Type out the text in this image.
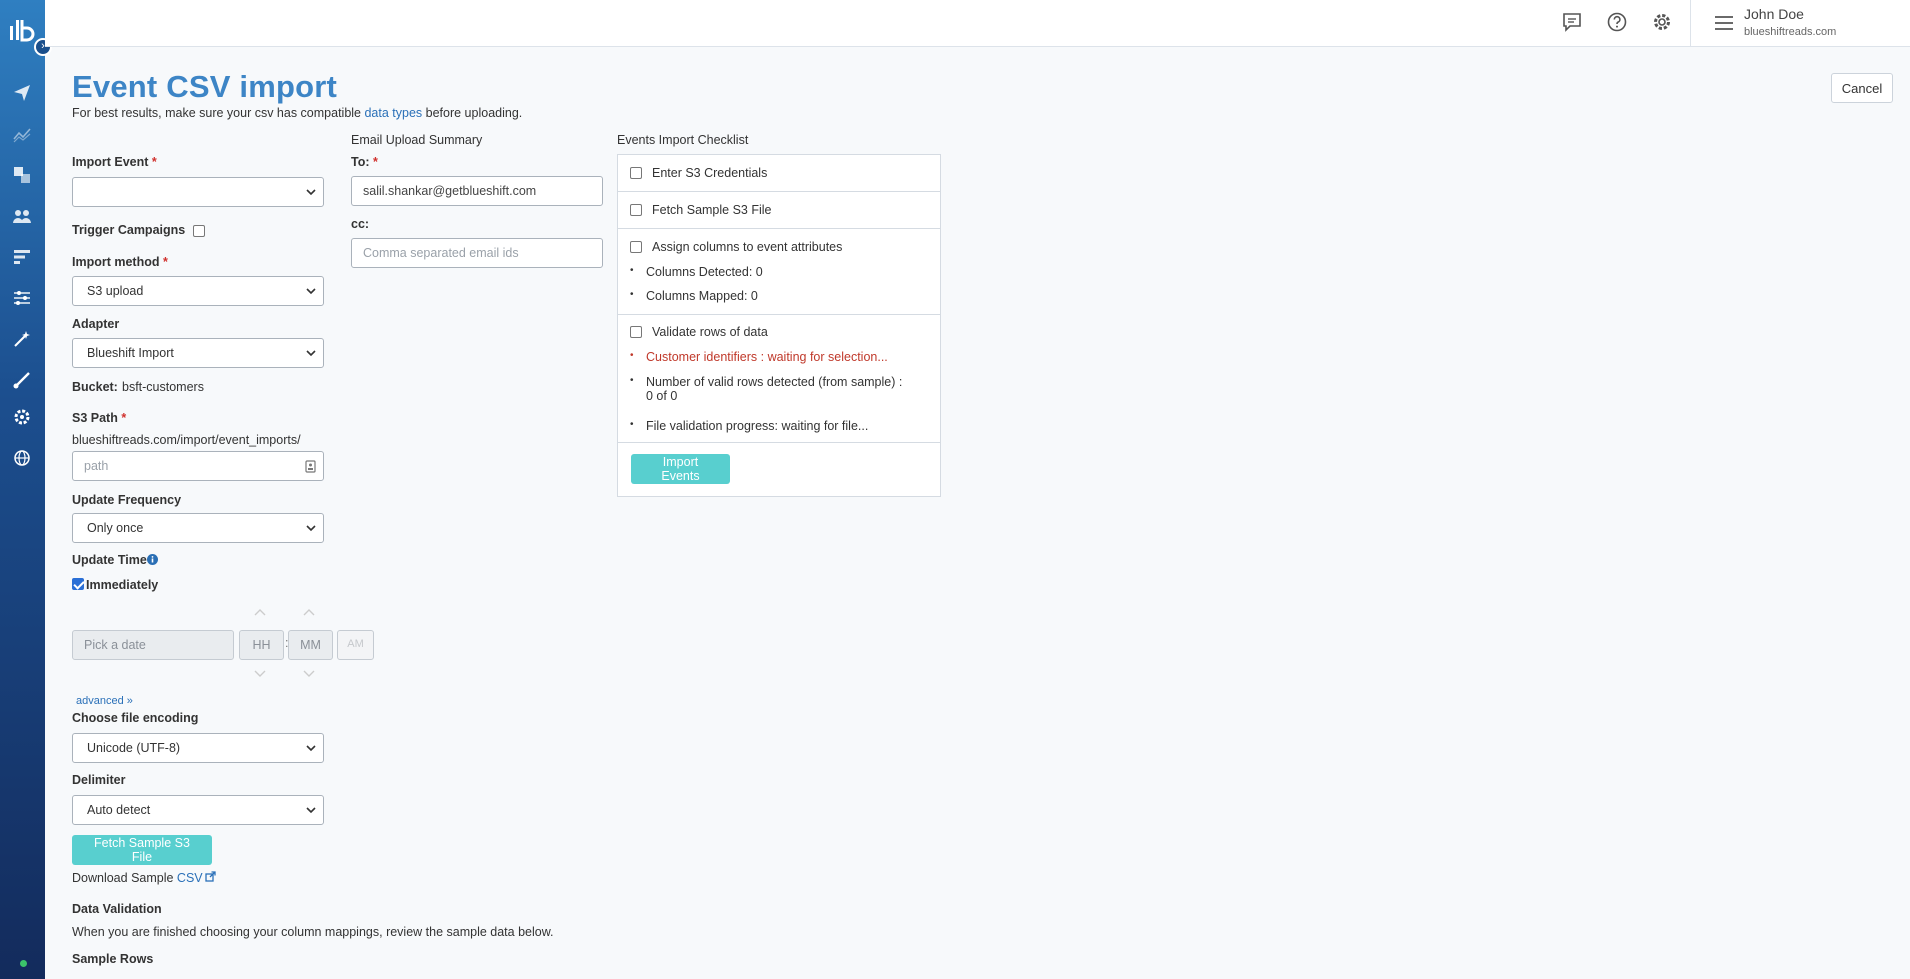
›
John Doe
blueshiftreads.com
Event CSV import
For best results, make sure your csv has compatible data types before uploading.
Cancel
Import Event *
Trigger Campaigns
Import method *
S3 upload
Adapter
Blueshift Import
Bucket: bsft-customers
S3 Path *
blueshiftreads.com/import/event_imports/
path
Update Frequency
Only once
Update Time
Immediately
Pick a date	HH	: MM	AM
advanced »
Choose file encoding
Unicode (UTF-8)
Delimiter
Auto detect
Fetch Sample S3 File
Download Sample CSV
Data Validation
When you are finished choosing your column mappings, review the sample data below.
Sample Rows
Email Upload Summary
To: *
salil.shankar@getblueshift.com
cc:
Comma separated email ids
Events Import Checklist
Enter S3 Credentials
Fetch Sample S3 File
Assign columns to event attributes
• Columns Detected: 0
• Columns Mapped: 0
Validate rows of data
• Customer identifiers : waiting for selection...
• Number of valid rows detected (from sample) :
0 of 0
• File validation progress: waiting for file...
Import Events
